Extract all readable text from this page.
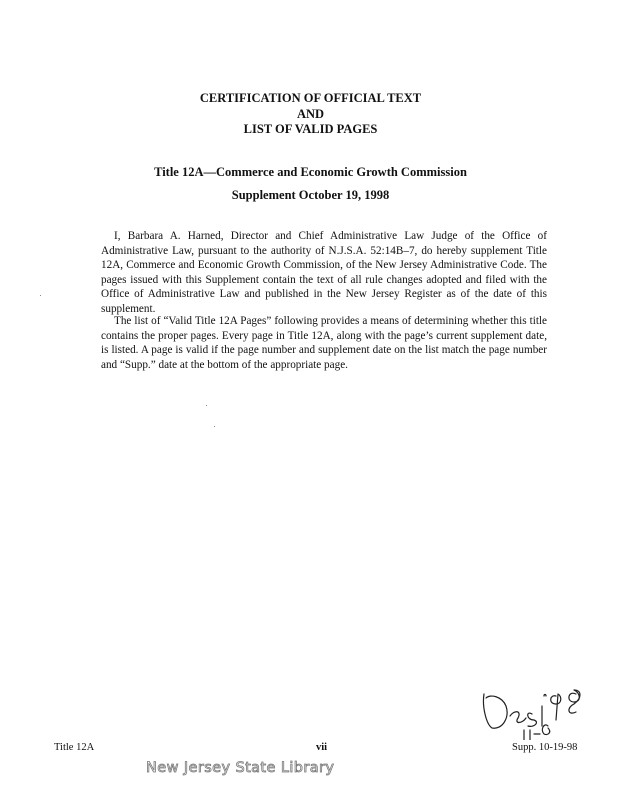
CERTIFICATION OF OFFICIAL TEXT

AND

LIST OF VALID PAGES

Title 12A—Commerce and Economic Growth Commission

Supplement October 19, 1998

I, Barbara A. Harned, Director and Chief Administrative Law Judge of the Office of Administrative Law, pursuant to the authority of N.J.S.A. 52:14B–7, do hereby supplement Title 12A, Commerce and Economic Growth Commission, of the New Jersey Administrative Code. The pages issued with this Supplement contain the text of all rule changes adopted and filed with the Office of Administrative Law and published in the New Jersey Register as of the date of this supplement.

The list of “Valid Title 12A Pages” following provides a means of determining whether this title contains the proper pages. Every page in Title 12A, along with the page’s current supplement date, is listed. A page is valid if the page number and supplement date on the list match the page number and “Supp.” date at the bottom of the appropriate page.

Title 12A	vii	Supp. 10-19-98

New Jersey State Library
